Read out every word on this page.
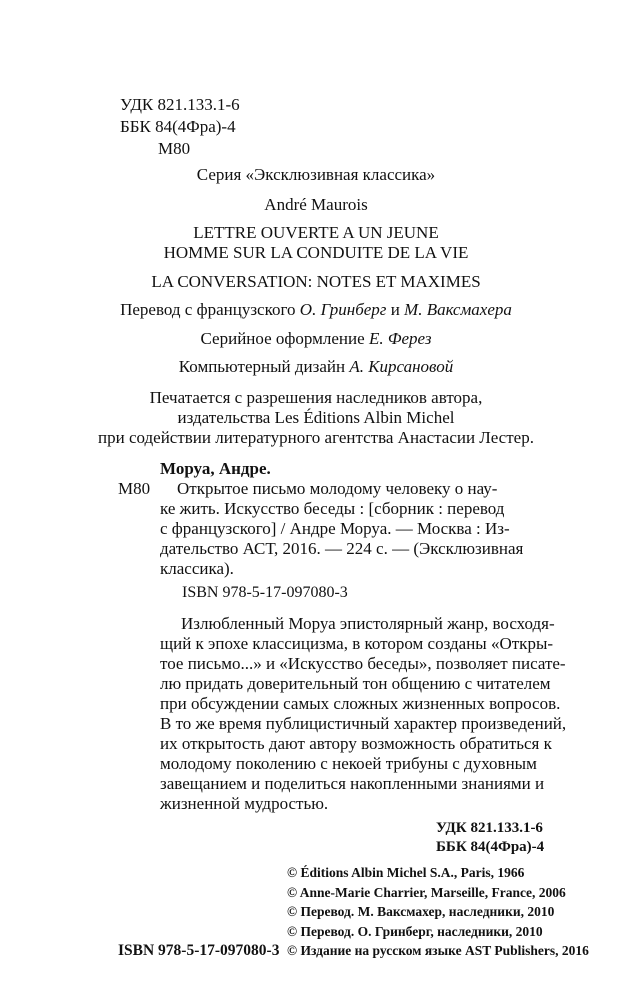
УДК 821.133.1-6
ББК 84(4Фра)-4
М80
Серия «Эксклюзивная классика»
André Maurois
LETTRE OUVERTE A UN JEUNE
HOMME SUR LA CONDUITE DE LA VIE
LA CONVERSATION: NOTES ET MAXIMES
Перевод с французского О. Гринберг и М. Ваксмахера
Серийное оформление Е. Ферез
Компьютерный дизайн А. Кирсановой
Печатается с разрешения наследников автора,
издательства Les Éditions Albin Michel
при содействии литературного агентства Анастасии Лестер.
Моруа, Андре.
М80 Открытое письмо молодому человеку о нау-
ке жить. Искусство беседы : [сборник : перевод
с французского] / Андре Моруа. — Москва : Из-
дательство АСТ, 2016. — 224 с. — (Эксклюзивная
классика).
ISBN 978-5-17-097080-3
Излюбленный Моруа эпистолярный жанр, восходя-
щий к эпохе классицизма, в котором созданы «Откры-
тое письмо...» и «Искусство беседы», позволяет писате-
лю придать доверительный тон общению с читателем
при обсуждении самых сложных жизненных вопросов.
В то же время публицистичный характер произведений,
их открытость дают автору возможность обратиться к
молодому поколению с некоей трибуны с духовным
завещанием и поделиться накопленными знаниями и
жизненной мудростью.
УДК 821.133.1-6
ББК 84(4Фра)-4
© Éditions Albin Michel S.A., Paris, 1966
© Anne-Marie Charrier, Marseille, France, 2006
© Перевод. М. Ваксмахер, наследники, 2010
© Перевод. О. Гринберг, наследники, 2010
© Издание на русском языке AST Publishers, 2016
ISBN 978-5-17-097080-3
